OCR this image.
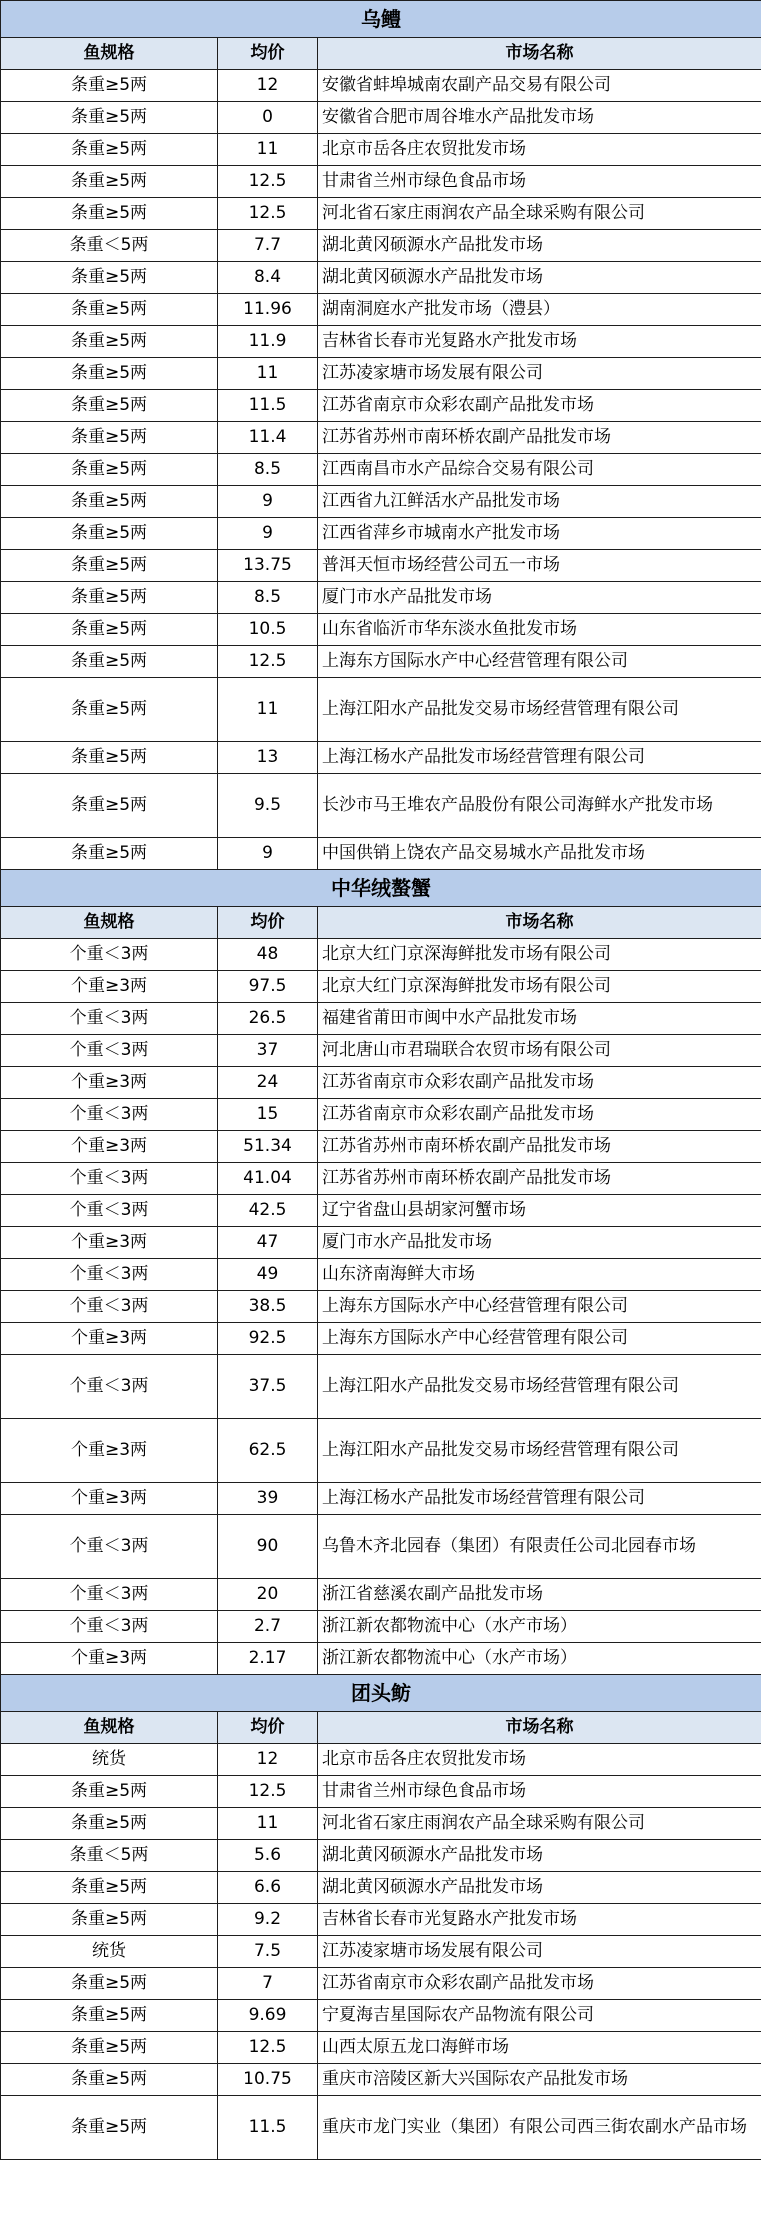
乌鳢		
鱼规格	均价	市场名称
条重≥5两	12	安徽省蚌埠城南农副产品交易有限公司
条重≥5两	0	安徽省合肥市周谷堆水产品批发市场
条重≥5两	11	北京市岳各庄农贸批发市场
条重≥5两	12.5	甘肃省兰州市绿色食品市场
条重≥5两	12.5	河北省石家庄雨润农产品全球采购有限公司
条重＜5两	7.7	湖北黄冈硕源水产品批发市场
条重≥5两	8.4	湖北黄冈硕源水产品批发市场
条重≥5两	11.96	湖南洞庭水产批发市场（澧县）
条重≥5两	11.9	吉林省长春市光复路水产批发市场
条重≥5两	11	江苏凌家塘市场发展有限公司
条重≥5两	11.5	江苏省南京市众彩农副产品批发市场
条重≥5两	11.4	江苏省苏州市南环桥农副产品批发市场
条重≥5两	8.5	江西南昌市水产品综合交易有限公司
条重≥5两	9	江西省九江鲜活水产品批发市场
条重≥5两	9	江西省萍乡市城南水产批发市场
条重≥5两	13.75	普洱天恒市场经营公司五一市场
条重≥5两	8.5	厦门市水产品批发市场
条重≥5两	10.5	山东省临沂市华东淡水鱼批发市场
条重≥5两	12.5	上海东方国际水产中心经营管理有限公司
条重≥5两	11	上海江阳水产品批发交易市场经营管理有限公司
条重≥5两	13	上海江杨水产品批发市场经营管理有限公司
条重≥5两	9.5	长沙市马王堆农产品股份有限公司海鲜水产批发市场
条重≥5两	9	中国供销上饶农产品交易城水产品批发市场
中华绒螯蟹		
鱼规格	均价	市场名称
个重＜3两	48	北京大红门京深海鲜批发市场有限公司
个重≥3两	97.5	北京大红门京深海鲜批发市场有限公司
个重＜3两	26.5	福建省莆田市闽中水产品批发市场
个重＜3两	37	河北唐山市君瑞联合农贸市场有限公司
个重≥3两	24	江苏省南京市众彩农副产品批发市场
个重＜3两	15	江苏省南京市众彩农副产品批发市场
个重≥3两	51.34	江苏省苏州市南环桥农副产品批发市场
个重＜3两	41.04	江苏省苏州市南环桥农副产品批发市场
个重＜3两	42.5	辽宁省盘山县胡家河蟹市场
个重≥3两	47	厦门市水产品批发市场
个重＜3两	49	山东济南海鲜大市场
个重＜3两	38.5	上海东方国际水产中心经营管理有限公司
个重≥3两	92.5	上海东方国际水产中心经营管理有限公司
个重＜3两	37.5	上海江阳水产品批发交易市场经营管理有限公司
个重≥3两	62.5	上海江阳水产品批发交易市场经营管理有限公司
个重≥3两	39	上海江杨水产品批发市场经营管理有限公司
个重＜3两	90	乌鲁木齐北园春（集团）有限责任公司北园春市场
个重＜3两	20	浙江省慈溪农副产品批发市场
个重＜3两	2.7	浙江新农都物流中心（水产市场）
个重≥3两	2.17	浙江新农都物流中心（水产市场）
团头鲂		
鱼规格	均价	市场名称
统货	12	北京市岳各庄农贸批发市场
条重≥5两	12.5	甘肃省兰州市绿色食品市场
条重≥5两	11	河北省石家庄雨润农产品全球采购有限公司
条重＜5两	5.6	湖北黄冈硕源水产品批发市场
条重≥5两	6.6	湖北黄冈硕源水产品批发市场
条重≥5两	9.2	吉林省长春市光复路水产批发市场
统货	7.5	江苏凌家塘市场发展有限公司
条重≥5两	7	江苏省南京市众彩农副产品批发市场
条重≥5两	9.69	宁夏海吉星国际农产品物流有限公司
条重≥5两	12.5	山西太原五龙口海鲜市场
条重≥5两	10.75	重庆市涪陵区新大兴国际农产品批发市场
条重≥5两	11.5	重庆市龙门实业（集团）有限公司西三街农副水产品市场
